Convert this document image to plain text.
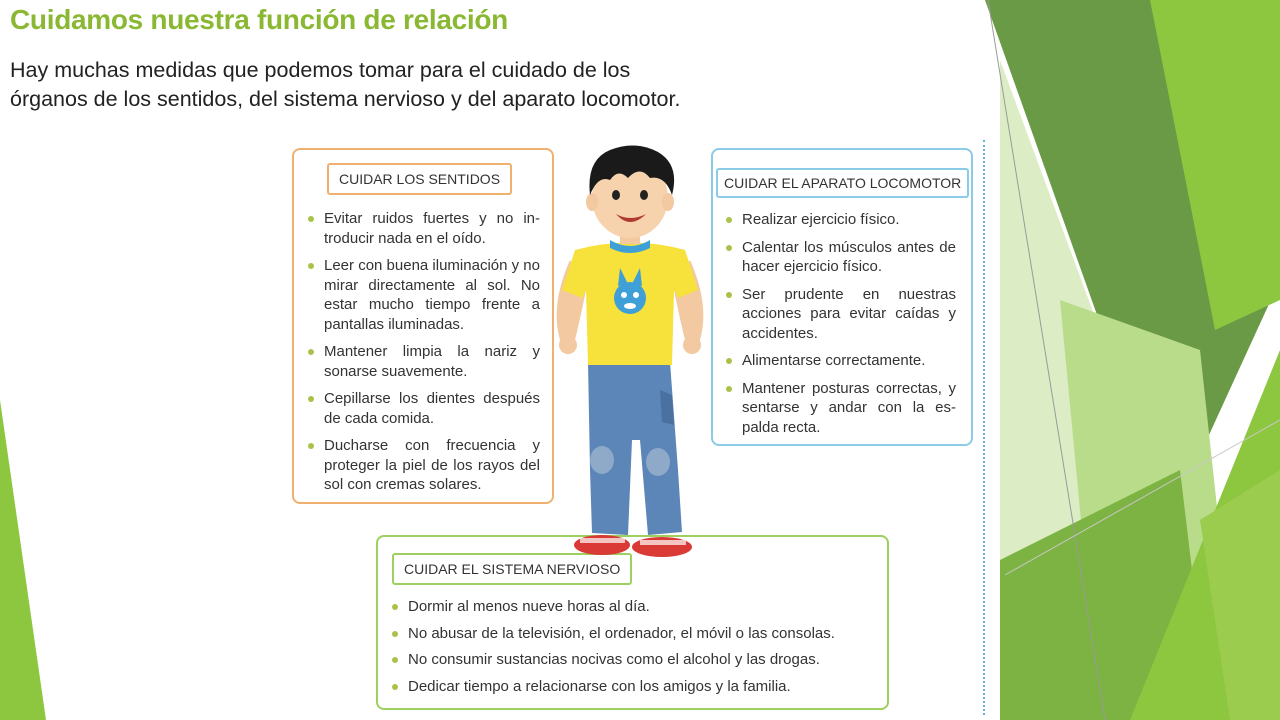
Cuidamos nuestra función de relación

Hay muchas medidas que podemos tomar para el cuidado de los órganos de los sentidos, del sistema nervioso y del aparato locomotor.

CUIDAR LOS SENTIDOS
Evitar ruidos fuertes y no in-troducir nada en el oído.
Leer con buena iluminación y no mirar directamente al sol. No estar mucho tiempo frente a pantallas iluminadas.
Mantener limpia la nariz y sonarse suavemente.
Cepillarse los dientes después de cada comida.
Ducharse con frecuencia y proteger la piel de los rayos del sol con cremas solares.
CUIDAR EL APARATO LOCOMOTOR
Realizar ejercicio físico.
Calentar los músculos antes de hacer ejercicio físico.
Ser prudente en nuestras acciones para evitar caídas y accidentes.
Alimentarse correctamente.
Mantener posturas correctas, y sentarse y andar con la es-palda recta.
CUIDAR EL SISTEMA NERVIOSO
Dormir al menos nueve horas al día.
No abusar de la televisión, el ordenador, el móvil o las consolas.
No consumir sustancias nocivas como el alcohol y las drogas.
Dedicar tiempo a relacionarse con los amigos y la familia.
